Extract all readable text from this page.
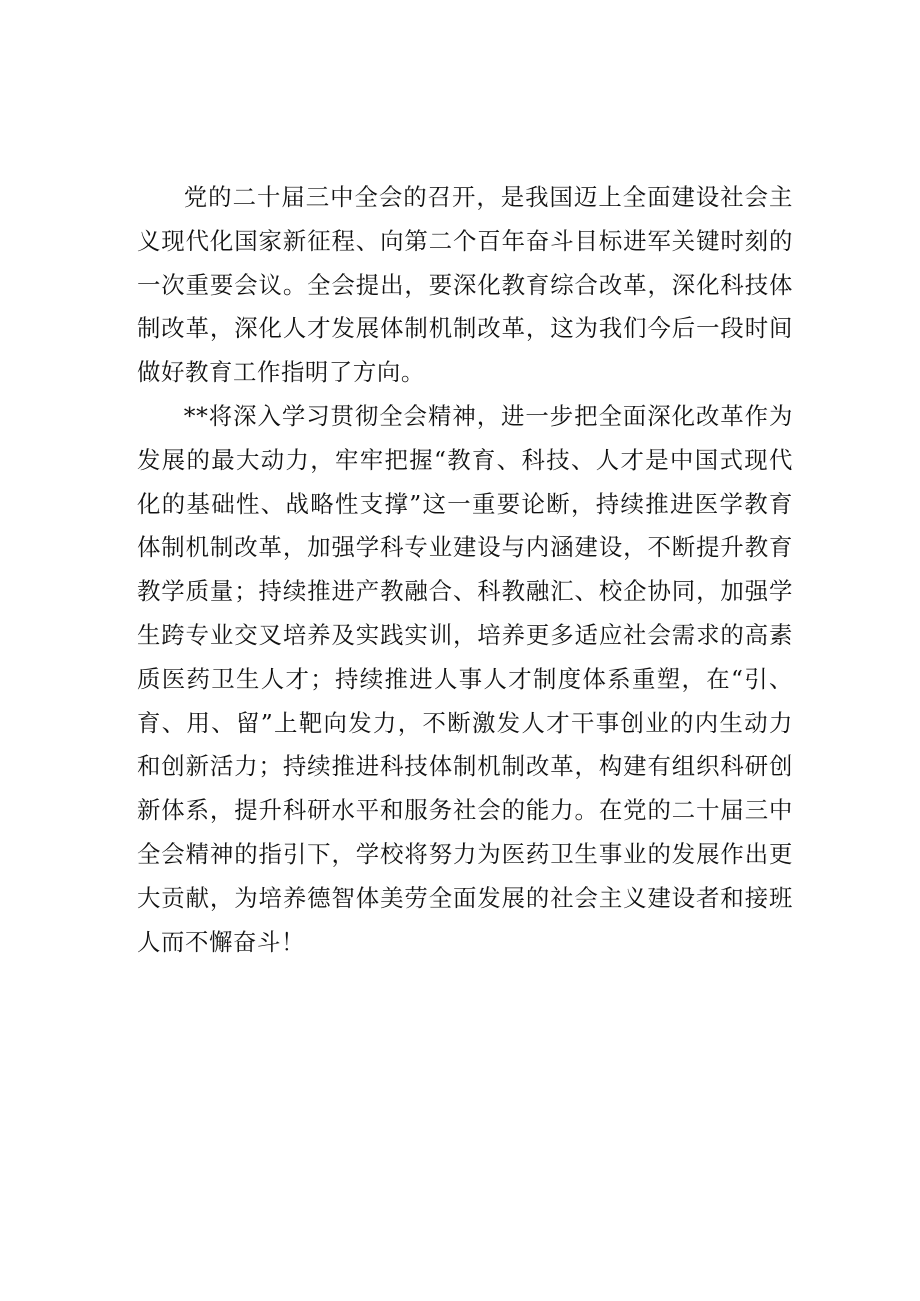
党的二十届三中全会的召开，是我国迈上全面建设社会主义现代化国家新征程、向第二个百年奋斗目标进军关键时刻的一次重要会议。全会提出，要深化教育综合改革，深化科技体制改革，深化人才发展体制机制改革，这为我们今后一段时间做好教育工作指明了方向。

**将深入学习贯彻全会精神，进一步把全面深化改革作为发展的最大动力，牢牢把握“教育、科技、人才是中国式现代化的基础性、战略性支撑”这一重要论断，持续推进医学教育体制机制改革，加强学科专业建设与内涵建设，不断提升教育教学质量；持续推进产教融合、科教融汇、校企协同，加强学生跨专业交叉培养及实践实训，培养更多适应社会需求的高素质医药卫生人才；持续推进人事人才制度体系重塑，在“引、育、用、留”上靶向发力，不断激发人才干事创业的内生动力和创新活力；持续推进科技体制机制改革，构建有组织科研创新体系，提升科研水平和服务社会的能力。在党的二十届三中全会精神的指引下，学校将努力为医药卫生事业的发展作出更大贡献，为培养德智体美劳全面发展的社会主义建设者和接班人而不懈奋斗！
